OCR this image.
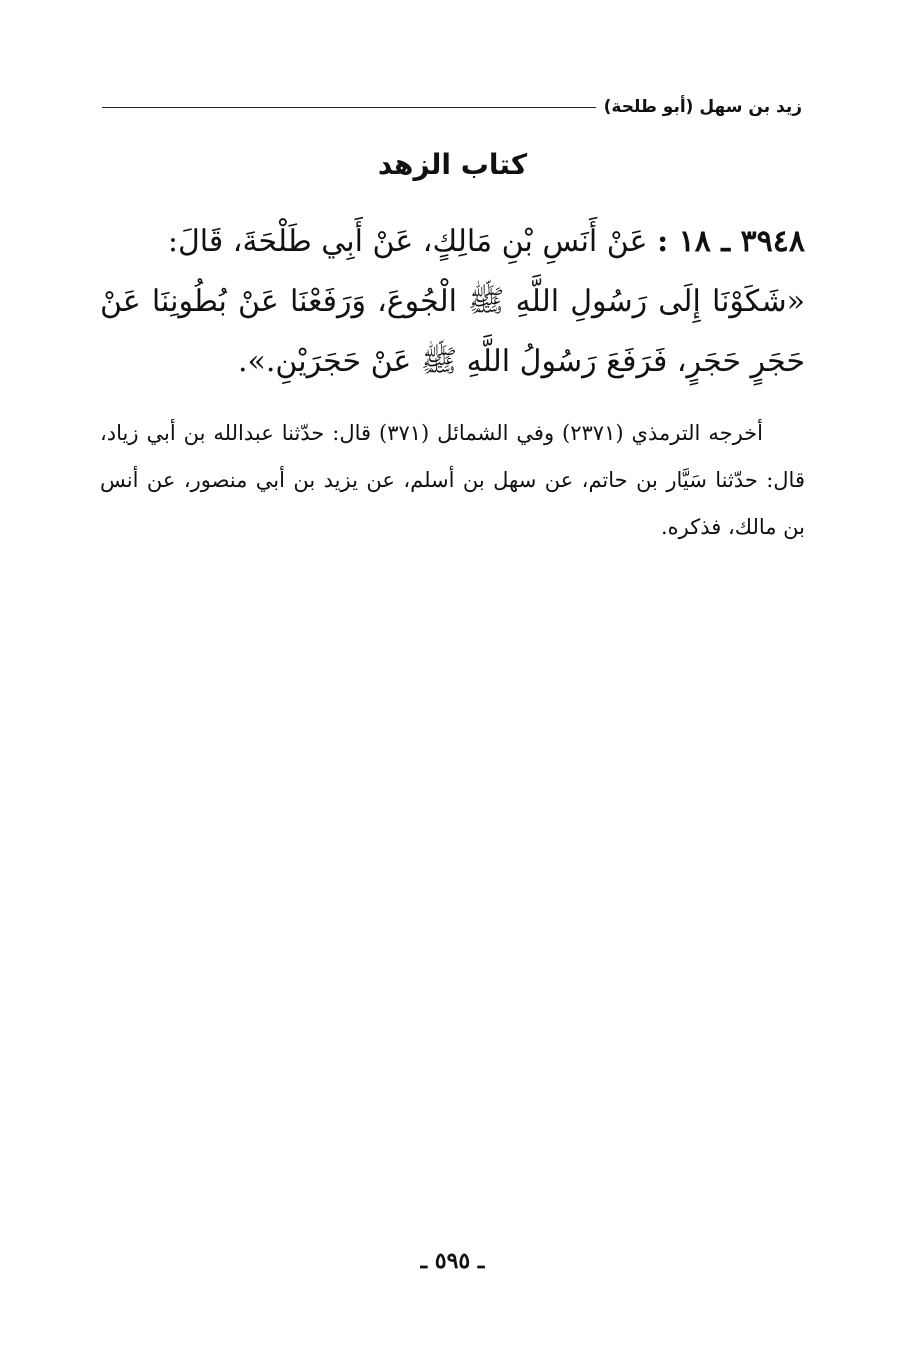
زيد بن سهل (أبو طلحة)
كتاب الزهد
٣٩٤٨ ـ ١٨ : عَنْ أَنَسِ بْنِ مَالِكٍ، عَنْ أَبِي طَلْحَةَ، قَالَ:
«شَكَوْنَا إِلَى رَسُولِ اللَّهِ ﷺ الْجُوعَ، وَرَفَعْنَا عَنْ بُطُونِنَا عَنْ حَجَرٍ حَجَرٍ، فَرَفَعَ رَسُولُ اللَّهِ ﷺ عَنْ حَجَرَيْنِ.».
أخرجه الترمذي (٢٣٧١) وفي الشمائل (٣٧١) قال: حدّثنا عبدالله بن أبي زياد، قال: حدّثنا سَيَّار بن حاتم، عن سهل بن أسلم، عن يزيد بن أبي منصور، عن أنس بن مالك، فذكره.
ـ ٥٩٥ ـ
